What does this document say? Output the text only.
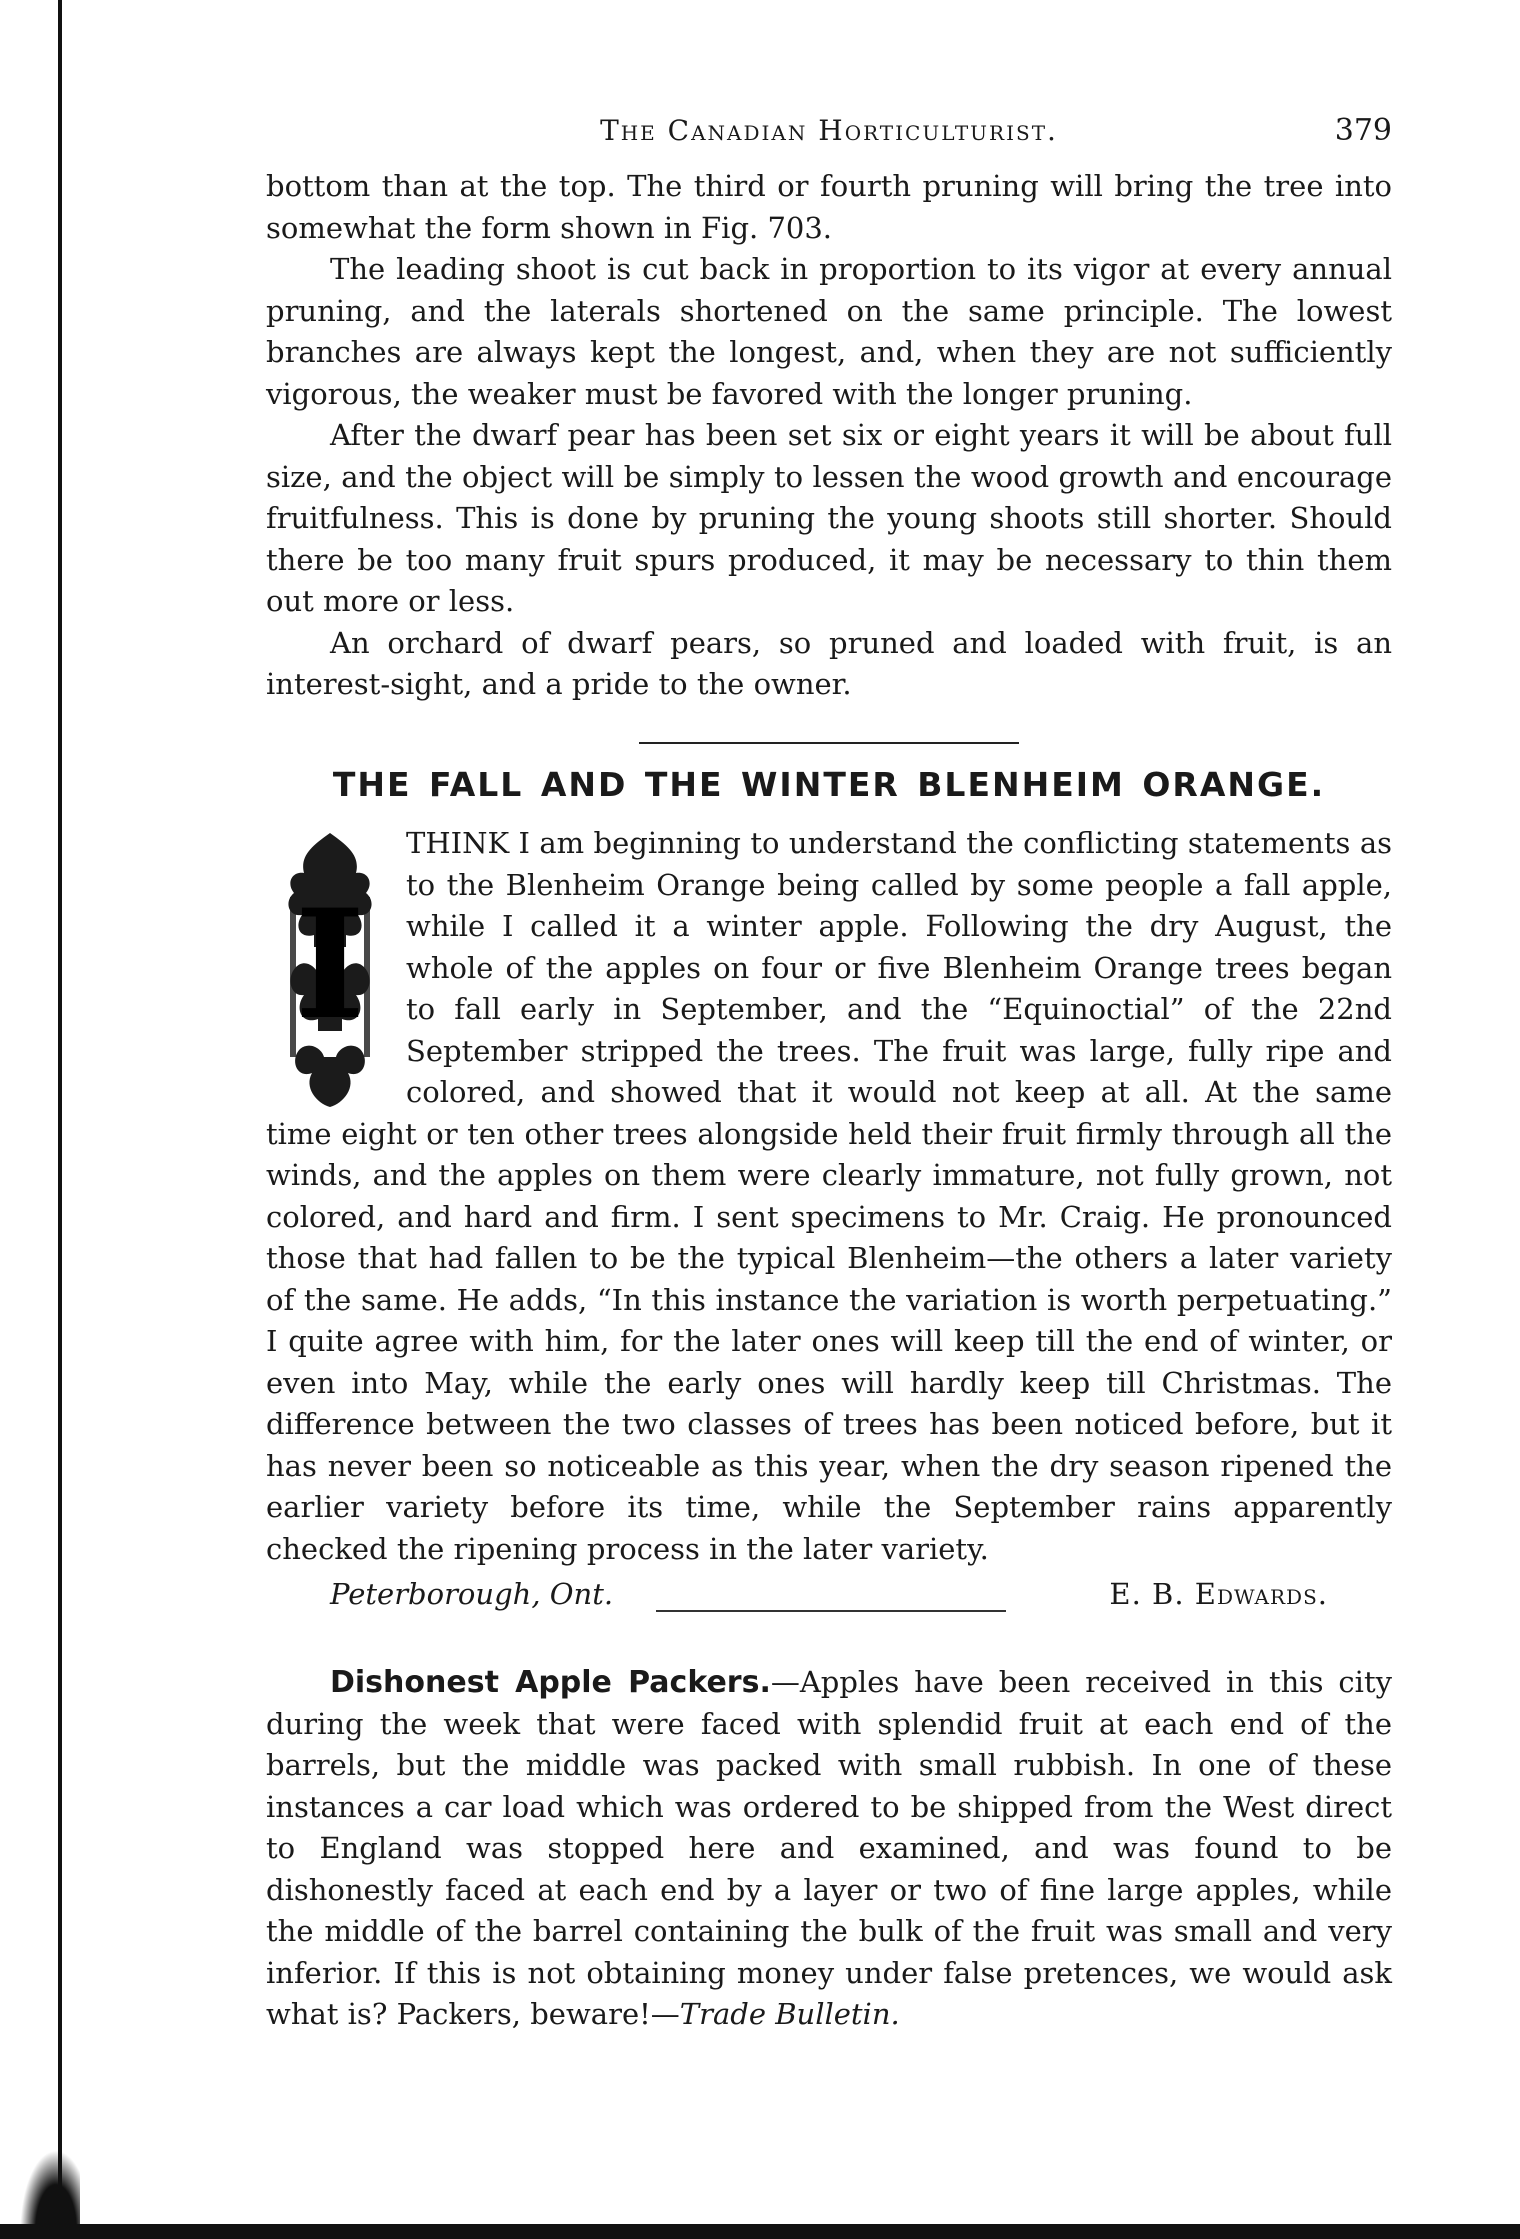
The Canadian Horticulturist.	379

bottom than at the top. The third or fourth pruning will bring the tree into somewhat the form shown in Fig. 703.

The leading shoot is cut back in proportion to its vigor at every annual pruning, and the laterals shortened on the same principle. The lowest branches are always kept the longest, and, when they are not sufficiently vigorous, the weaker must be favored with the longer pruning.

After the dwarf pear has been set six or eight years it will be about full size, and the object will be simply to lessen the wood growth and encourage fruitfulness. This is done by pruning the young shoots still shorter. Should there be too many fruit spurs produced, it may be necessary to thin them out more or less.

An orchard of dwarf pears, so pruned and loaded with fruit, is an interest-sight, and a pride to the owner.

THE FALL AND THE WINTER BLENHEIM ORANGE.
I

THINK I am beginning to understand the conflicting statements as to the Blenheim Orange being called by some people a fall apple, while I called it a winter apple. Following the dry August, the whole of the apples on four or five Blenheim Orange trees began to fall early in September, and the “Equinoctial” of the 22nd September stripped the trees. The fruit was large, fully ripe and colored, and showed that it would not keep at all. At the same time eight or ten other trees alongside held their fruit firmly through all the winds, and the apples on them were clearly immature, not fully grown, not colored, and hard and firm. I sent specimens to Mr. Craig. He pronounced those that had fallen to be the typical Blenheim—the others a later variety of the same. He adds, “In this instance the variation is worth perpetuating.” I quite agree with him, for the later ones will keep till the end of winter, or even into May, while the early ones will hardly keep till Christmas. The difference between the two classes of trees has been noticed before, but it has never been so noticeable as this year, when the dry season ripened the earlier variety before its time, while the September rains apparently checked the ripening process in the later variety.

Peterborough, Ont.	E. B. Edwards.

Dishonest Apple Packers.—Apples have been received in this city during the week that were faced with splendid fruit at each end of the barrels, but the middle was packed with small rubbish. In one of these instances a car load which was ordered to be shipped from the West direct to England was stopped here and examined, and was found to be dishonestly faced at each end by a layer or two of fine large apples, while the middle of the barrel containing the bulk of the fruit was small and very inferior. If this is not obtaining money under false pretences, we would ask what is? Packers, beware!—Trade Bulletin.
